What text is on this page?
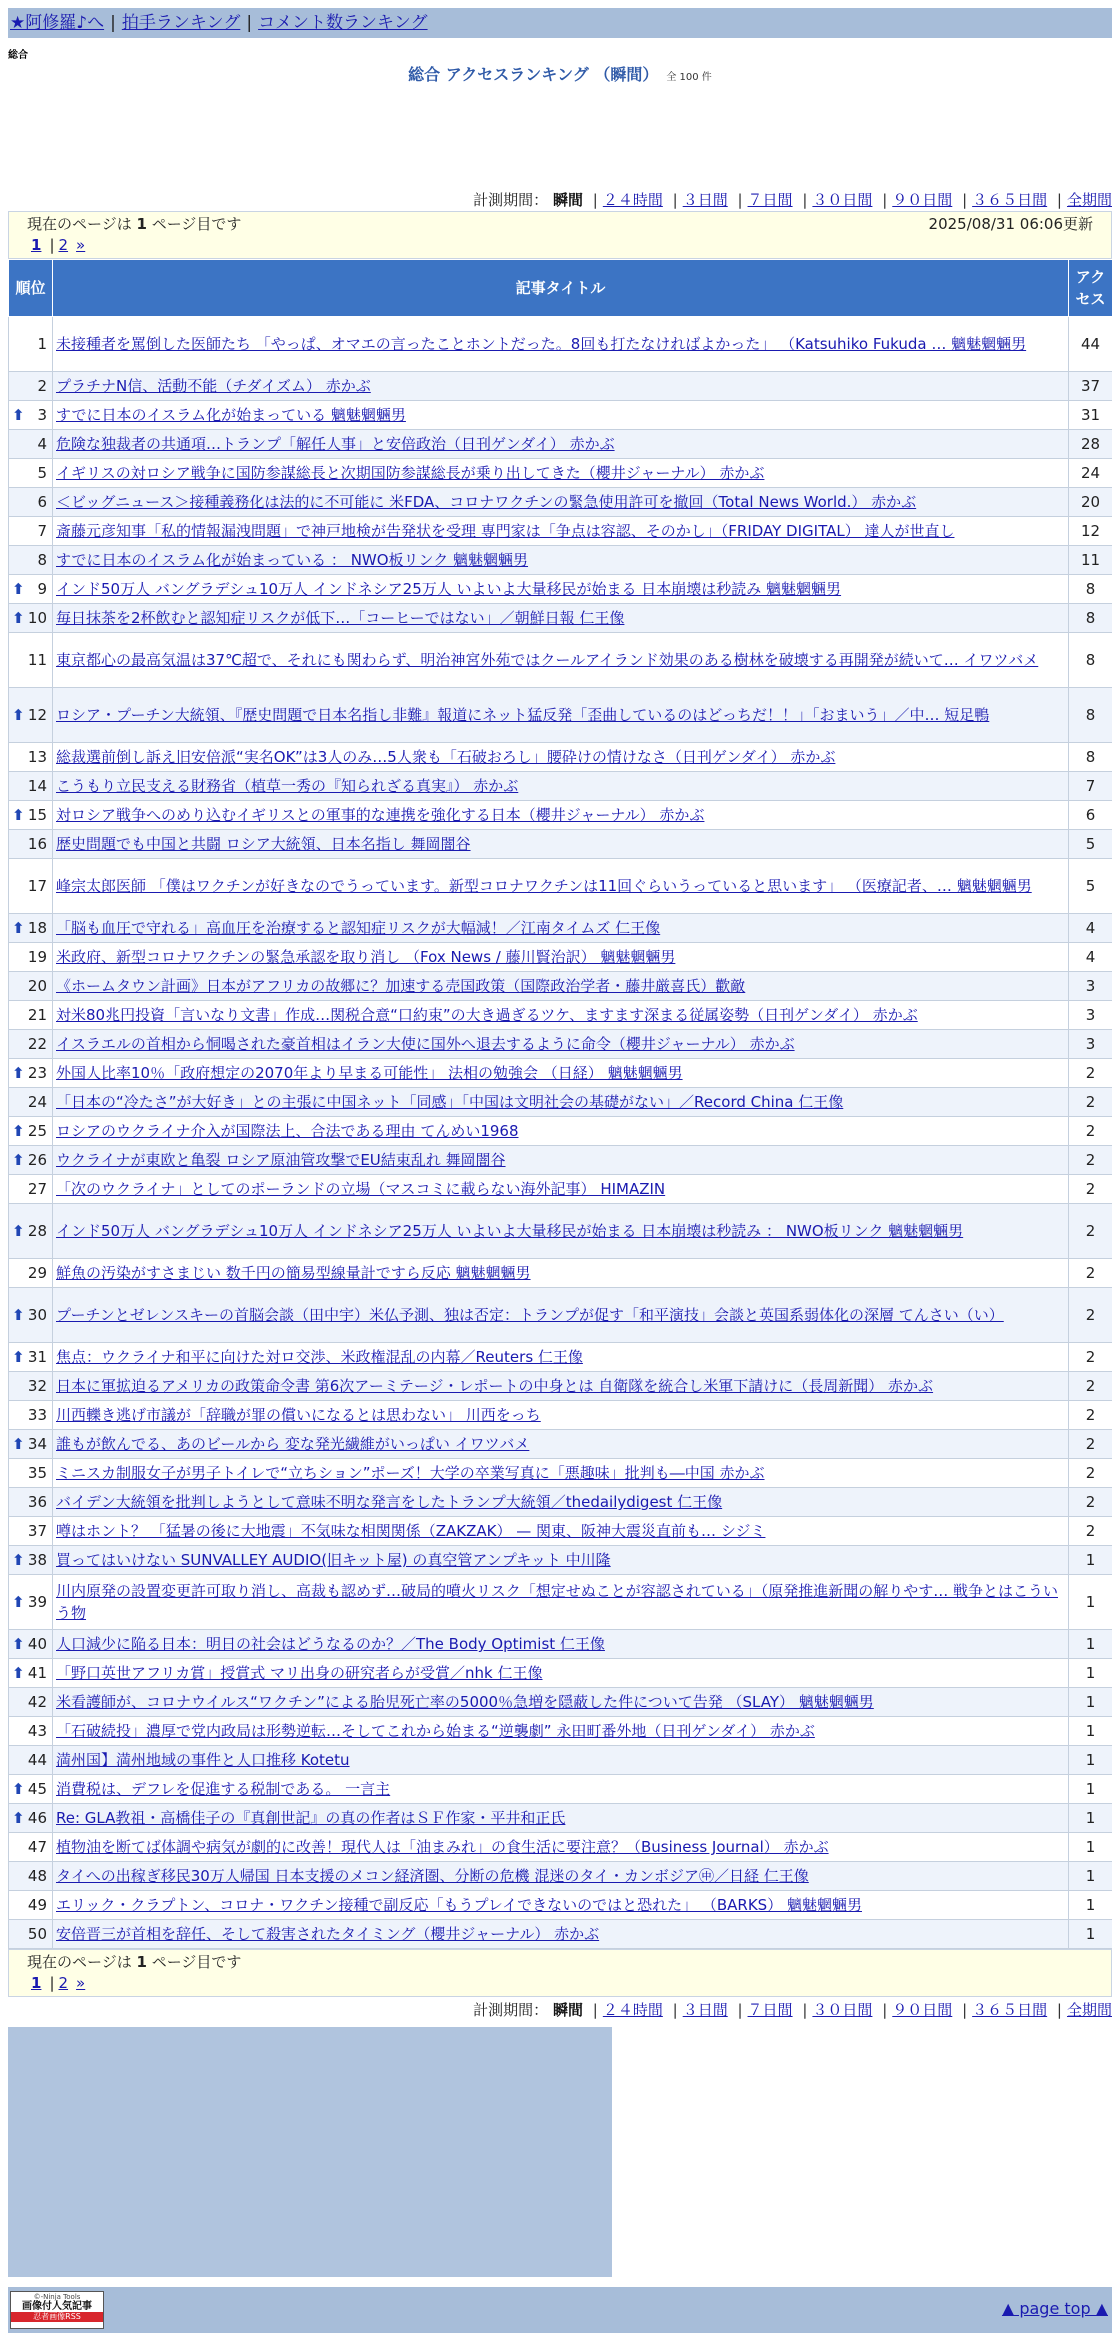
★阿修羅♪へ | 拍手ランキング | コメント数ランキング
総合
総合 アクセスランキング （瞬間） 全 100 件
計測期間： 瞬間 | ２４時間 | ３日間 | ７日間 | ３０日間 | ９０日間 | ３６５日間 | 全期間
現在のページは 1 ページ目です	2025/08/31 06:06更新
1 | 2 »
順位	記事タイトル	アクセス
1	未接種者を罵倒した医師たち 「やっぱ、オマエの言ったことホントだった。8回も打たなければよかった」 （Katsuhiko Fukuda … 魑魅魍魎男	44
2	プラチナN信、活動不能（チダイズム） 赤かぶ	37

⬆ 3	すでに日本のイスラム化が始まっている 魑魅魍魎男	31
4	危険な独裁者の共通項…トランプ「解任人事」と安倍政治（日刊ゲンダイ） 赤かぶ	28
5	イギリスの対ロシア戦争に国防参謀総長と次期国防参謀総長が乗り出してきた（櫻井ジャーナル） 赤かぶ	24
6	＜ビッグニュース＞接種義務化は法的に不可能に 米FDA、コロナワクチンの緊急使用許可を撤回（Total News World.） 赤かぶ	20
7	斎藤元彦知事「私的情報漏洩問題」で神戸地検が告発状を受理 専門家は「争点は容認、そのかし」（FRIDAY DIGITAL） 達人が世直し	12
8	すでに日本のイスラム化が始まっている ： NWO板リンク 魑魅魍魎男	11

⬆ 9	インド50万人 バングラデシュ10万人 インドネシア25万人 いよいよ大量移民が始まる 日本崩壊は秒読み 魑魅魍魎男	8

⬆ 10	毎日抹茶を2杯飲むと認知症リスクが低下…「コーヒーではない」／朝鮮日報 仁王像	8
11	東京都心の最高気温は37℃超で、それにも関わらず、明治神宮外苑ではクールアイランド効果のある樹林を破壊する再開発が続いて… イワツバメ	8

⬆ 12	ロシア・プーチン大統領、『歴史問題で日本名指し非難』報道にネット猛反発「歪曲しているのはどっちだ！！」「おまいう」／中… 短足鴨	8
13	総裁選前倒し訴え旧安倍派“実名OK”は3人のみ…5人衆も「石破おろし」腰砕けの情けなさ（日刊ゲンダイ） 赤かぶ	8
14	こうもり立民支える財務省（植草一秀の『知られざる真実』） 赤かぶ	7

⬆ 15	対ロシア戦争へのめり込むイギリスとの軍事的な連携を強化する日本（櫻井ジャーナル） 赤かぶ	6
16	歴史問題でも中国と共闘 ロシア大統領、日本名指し 舞岡闇谷	5
17	峰宗太郎医師 「僕はワクチンが好きなのでうっています。新型コロナワクチンは11回ぐらいうっていると思います」 （医療記者、… 魑魅魍魎男	5

⬆ 18	「脳も血圧で守れる」高血圧を治療すると認知症リスクが大幅減！／江南タイムズ 仁王像	4
19	米政府、新型コロナワクチンの緊急承認を取り消し （Fox News / 藤川賢治訳） 魑魅魍魎男	4
20	《ホームタウン計画》日本がアフリカの故郷に？加速する売国政策（国際政治学者・藤井厳喜氏）歡敵	3
21	対米80兆円投資「言いなり文書」作成…関税合意“口約束”の大き過ぎるツケ、ますます深まる従属姿勢（日刊ゲンダイ） 赤かぶ	3
22	イスラエルの首相から恫喝された豪首相はイラン大使に国外へ退去するように命令（櫻井ジャーナル） 赤かぶ	3

⬆ 23	外国人比率10％「政府想定の2070年より早まる可能性」 法相の勉強会 （日経） 魑魅魍魎男	2
24	「日本の“冷たさ”が大好き」との主張に中国ネット「同感」「中国は文明社会の基礎がない」／Record China 仁王像	2

⬆ 25	ロシアのウクライナ介入が国際法上、合法である理由 てんめい1968	2

⬆ 26	ウクライナが東欧と亀裂 ロシア原油管攻撃でEU結束乱れ 舞岡闇谷	2
27	「次のウクライナ」としてのポーランドの立場（マスコミに載らない海外記事） HIMAZIN	2

⬆ 28	インド50万人 バングラデシュ10万人 インドネシア25万人 いよいよ大量移民が始まる 日本崩壊は秒読み ： NWO板リンク 魑魅魍魎男	2
29	鮮魚の汚染がすさまじい 数千円の簡易型線量計ですら反応 魑魅魍魎男	2

⬆ 30	プーチンとゼレンスキーの首脳会談（田中宇）米仏予測、独は否定：トランプが促す「和平演技」会談と英国系弱体化の深層 てんさい（い）	2

⬆ 31	焦点：ウクライナ和平に向けた対ロ交渉、米政権混乱の内幕／Reuters 仁王像	2
32	日本に軍拡迫るアメリカの政策命令書 第6次アーミテージ・レポートの中身とは 自衛隊を統合し米軍下請けに（長周新聞） 赤かぶ	2
33	川西轢き逃げ市議が「辞職が罪の償いになるとは思わない」 川西をっち	2

⬆ 34	誰もが飲んでる、あのビールから 変な発光繊維がいっぱい イワツバメ	2
35	ミニスカ制服女子が男子トイレで“立ちション”ポーズ！大学の卒業写真に「悪趣味」批判も―中国 赤かぶ	2
36	バイデン大統領を批判しようとして意味不明な発言をしたトランプ大統領／thedailydigest 仁王像	2
37	噂はホント？ 「猛暑の後に大地震」不気味な相関関係（ZAKZAK） — 関東、阪神大震災直前も… シジミ	2

⬆ 38	買ってはいけない SUNVALLEY AUDIO(旧キット屋) の真空管アンプキット 中川隆	1

⬆ 39	川内原発の設置変更許可取り消し、高裁も認めず…破局的噴火リスク「想定せぬことが容認されている」（原発推進新聞の解りやす… 戦争とはこういう物	1

⬆ 40	人口減少に陥る日本：明日の社会はどうなるのか？／The Body Optimist 仁王像	1

⬆ 41	「野口英世アフリカ賞」授賞式 マリ出身の研究者らが受賞／nhk 仁王像	1
42	米看護師が、コロナウイルス“ワクチン”による胎児死亡率の5000％急増を隠蔽した件について告発 （SLAY） 魑魅魍魎男	1
43	「石破続投」濃厚で党内政局は形勢逆転…そしてこれから始まる“逆襲劇” 永田町番外地（日刊ゲンダイ） 赤かぶ	1
44	満州国】満州地域の事件と人口推移 Kotetu	1

⬆ 45	消費税は、デフレを促進する税制である。 一言主	1

⬆ 46	Re: GLA教祖・高橋佳子の『真創世記』の真の作者はＳＦ作家・平井和正氏	1
47	植物油を断てば体調や病気が劇的に改善！現代人は「油まみれ」の食生活に要注意？（Business Journal） 赤かぶ	1
48	タイへの出稼ぎ移民30万人帰国 日本支援のメコン経済圏、分断の危機 混迷のタイ・カンボジア㊥／日経 仁王像	1
49	エリック・クラプトン、コロナ・ワクチン接種で副反応「もうプレイできないのではと恐れた」 （BARKS） 魑魅魍魎男	1
50	安倍晋三が首相を辞任、そして殺害されたタイミング（櫻井ジャーナル） 赤かぶ	1
現在のページは 1 ページ目です
1 | 2 »
計測期間： 瞬間 | ２４時間 | ３日間 | ７日間 | ３０日間 | ９０日間 | ３６５日間 | 全期間
©-Ninja Tools
画像付人気記事
忍者画像RSS	▲ page top ▲
